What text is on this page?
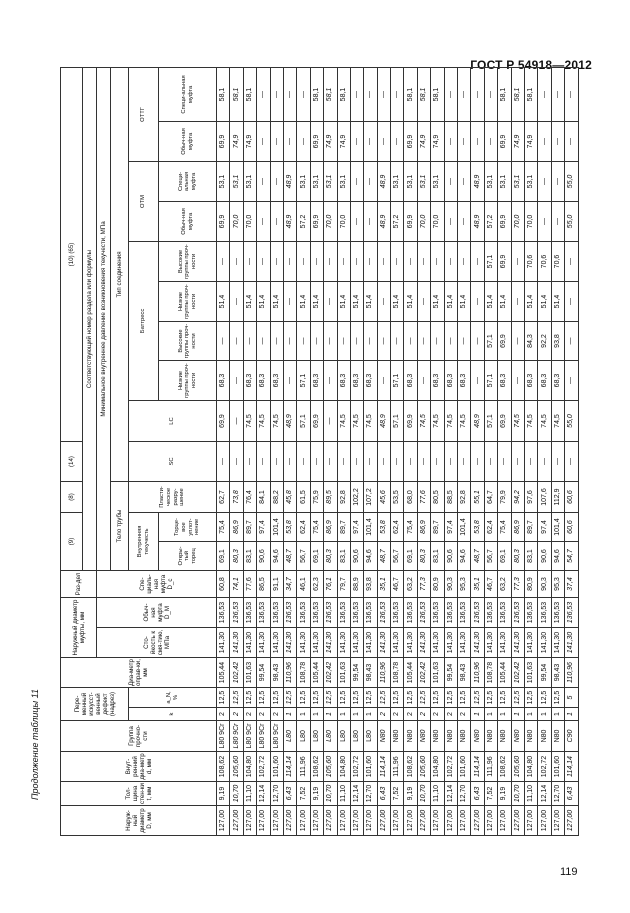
ГОСТ Р 54918—2012
Продолжение таблицы 11
Наруж-ный диаметр D, мм	Тол-щина стен-ки t, мм	Внут-ренний диа-метр d, мм	Группа прочно-сти	Пере-менный искусст-венный дефект (надрез)		Диа-метр оправ-ки, мм	Наружный диаметр муфты, мм		Раз-дел	(9)		(8)	(14)	(10) (65)								
										Соответствующий номер раздела или формулы												
							Сто-йкость к смя-тию, МПа	Обыч-ная муфта D_M	Спе-циаль-ная муфта D_с	Минимальное внутреннее давление возникновения текучести, МПа												
										Тело трубы			Тип соединения									
				k	a_N, %					Внутренняя текучесть		Пласти-ческое разру-шение	SC	LC	Баттресс				ОТМ		ОТТГ	
										Откры-тый торец	Торце-вое уплот-нение				Низкие группы проч-ности	Высокие группы проч-ности	Низкие группы проч-ности	Высокие группы проч-ности	Обыч-ная муфта	Специ-альная муфта	Обыч-ная муфта	Специ-альная муфта
127,00	9,19	108,62	L80 9Cr	2	12,5	105,44	141,30	136,53	60,8	69,1	75,4	62,7	—	69,9	68,3	—	51,4	—	69,9	53,1	69,9	58,1
127,00	10,70	105,60	L80 9Cr	2	12,5	102,42	141,30	136,53	74,1	80,3	86,9	73,8	—	—	—	—	—	—	70,0	53,1	74,9	58,1
127,00	11,10	104,80	L80 9Cr	2	12,5	101,63	141,30	136,53	77,6	83,1	89,7	76,4	—	74,5	68,3	—	51,4	—	70,0	53,1	74,9	58,1
127,00	12,14	102,72	L80 9Cr	2	12,5	99,54	141,30	136,53	86,5	90,6	97,4	84,1	—	74,5	68,3	—	51,4	—	—	—	—	—
127,00	12,70	101,60	L80 9Cr	2	12,5	98,43	141,30	136,53	91,1	94,6	101,4	88,2	—	74,5	68,3	—	51,4	—	—	—	—	—
127,00	6,43	114,14	L80	1	12,5	110,96	141,30	136,53	34,7	48,7	53,8	45,8	—	48,9	—	—	—	—	48,9	48,9	—	—
127,00	7,52	111,96	L80	1	12,5	108,78	141,30	136,53	46,1	56,7	62,4	61,5	—	57,1	57,1	—	51,4	—	57,2	53,1	—	—
127,00	9,19	108,62	L80	1	12,5	105,44	141,30	136,53	62,3	69,1	75,4	75,9	—	69,9	68,3	—	51,4	—	69,9	53,1	69,9	58,1
127,00	10,70	105,60	L80	1	12,5	102,42	141,30	136,53	76,1	80,3	86,9	89,5	—	—	—	—	—	—	70,0	53,1	74,9	58,1
127,00	11,10	104,80	L80	1	12,5	101,63	141,30	136,53	79,7	83,1	89,7	92,8	—	74,5	68,3	—	51,4	—	70,0	53,1	74,9	58,1
127,00	12,14	102,72	L80	1	12,5	99,54	141,30	136,53	88,9	90,6	97,4	102,2	—	74,5	68,3	—	51,4	—	—	—	—	—
127,00	12,70	101,60	L80	1	12,5	98,43	141,30	136,53	93,8	94,6	101,4	107,2	—	74,5	68,3	—	51,4	—	—	—	—	—
127,00	6,43	114,14	N80	2	12,5	110,96	141,30	136,53	35,1	48,7	53,8	45,6	—	48,9	—	—	—	—	48,9	48,9	—	—
127,00	7,52	111,96	N80	2	12,5	108,78	141,30	136,53	46,7	56,7	62,4	53,5	—	57,1	57,1	—	51,4	—	57,2	53,1	—	—
127,00	9,19	108,62	N80	2	12,5	105,44	141,30	136,53	63,2	69,1	75,4	68,0	—	69,9	68,3	—	51,4	—	69,9	53,1	69,9	58,1
127,00	10,70	105,60	N80	2	12,5	102,42	141,30	136,53	77,3	80,3	86,9	77,6	—	74,5	—	—	—	—	70,0	53,1	74,9	58,1
127,00	11,10	104,80	N80	2	12,5	101,63	141,30	136,53	80,9	83,1	89,7	80,5	—	74,5	68,3	—	51,4	—	70,0	53,1	74,9	58,1
127,00	12,14	102,72	N80	2	12,5	99,54	141,30	136,53	90,3	90,6	97,4	88,5	—	74,5	68,3	—	51,4	—	—	—	—	—
127,00	12,70	101,60	N80	2	12,5	98,43	141,30	136,53	95,3	94,6	101,4	92,8	—	74,5	68,3	—	51,4	—	—	—	—	—
127,00	6,43	114,14	N80	1	12,5	110,96	141,30	136,53	35,1	48,7	53,8	55,1	—	48,9	—	—	—	—	48,9	48,9	—	—
127,00	7,52	111,96	N80	1	12,5	108,78	141,30	136,53	46,7	56,7	62,4	64,7	—	57,1	57,1	57,1	51,4	57,1	57,2	53,1	—	—
127,00	9,19	108,62	N80	1	12,5	105,44	141,30	136,53	63,2	69,1	75,4	79,9	—	69,9	68,3	69,9	51,4	69,9	69,9	53,1	69,9	58,1
127,00	10,70	105,60	N80	1	12,5	102,42	141,30	136,53	77,3	80,3	86,9	94,2	—	74,5	—	—	—	—	70,0	53,1	74,9	58,1
127,00	11,10	104,80	N80	1	12,5	101,63	141,30	136,53	80,9	83,1	89,7	97,6	—	74,5	68,3	84,3	51,4	70,6	70,0	53,1	74,9	58,1
127,00	12,14	102,72	N80	1	12,5	99,54	141,30	136,53	90,3	90,6	97,4	107,6	—	74,5	68,3	92,2	51,4	70,6	—	—	—	—
127,00	12,70	101,60	N80	1	12,5	98,43	141,30	136,53	95,3	94,6	101,4	112,9	—	74,5	68,3	93,8	51,4	70,6	—	—	—	—
127,00	6,43	114,14	C90	1	5	110,96	141,30	136,53	37,4	54,7	60,6	60,6	—	55,0	—	—	—	—	55,0	55,0	—	—
119
